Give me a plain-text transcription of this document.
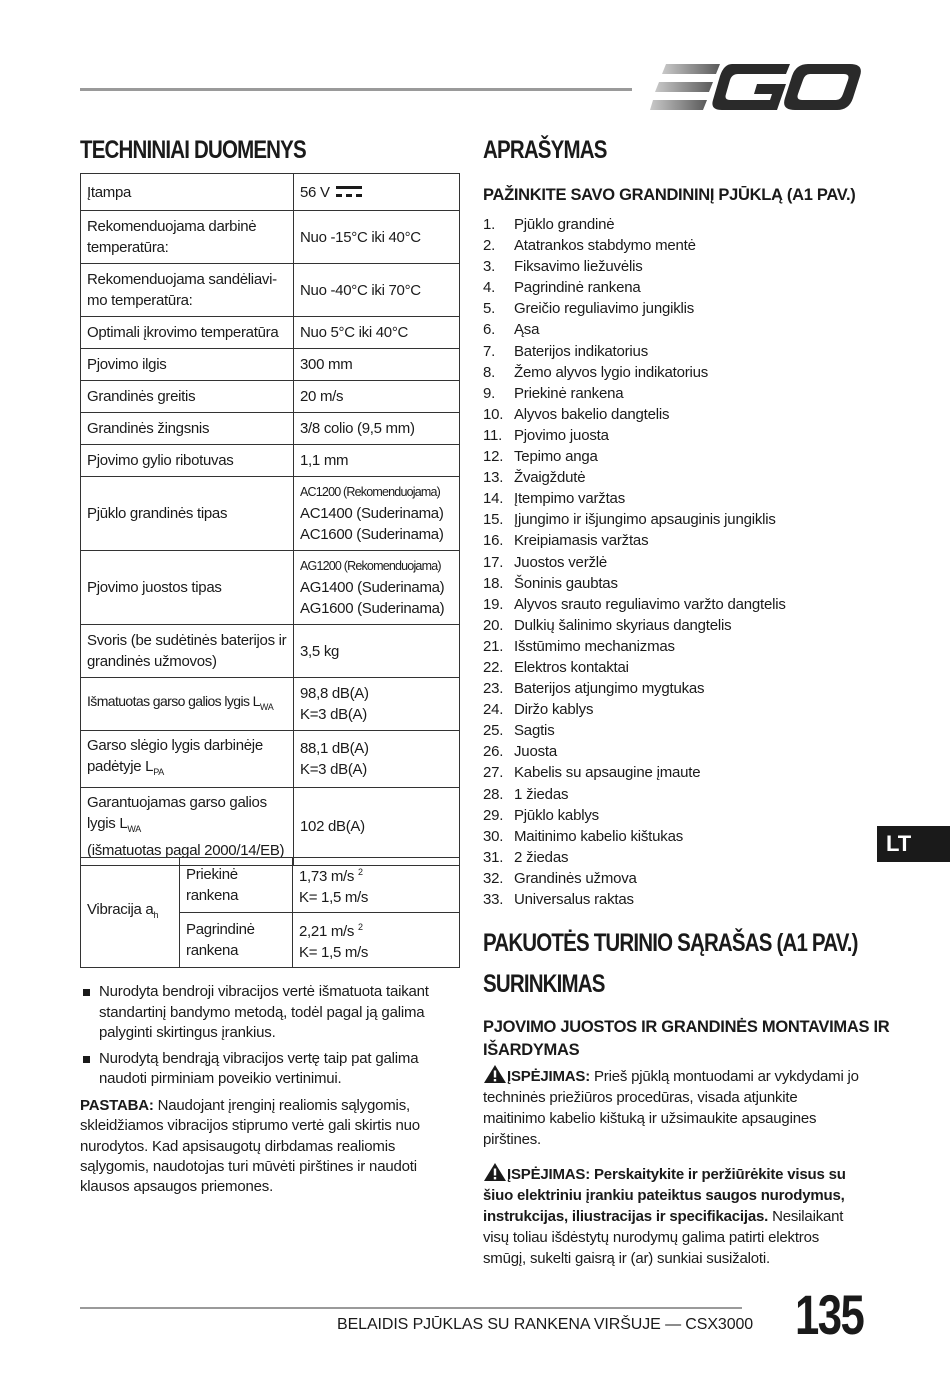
TECHNINIAI DUOMENYS
Įtampa	56 V
Rekomenduojama darbinė temperatūra:	Nuo -15°C iki 40°C
Rekomenduojama sandėliavi-mo temperatūra:	Nuo -40°C iki 70°C
Optimali įkrovimo temperatūra	Nuo 5°C iki 40°C
Pjovimo ilgis	300 mm
Grandinės greitis	20 m/s
Grandinės žingsnis	3/8 colio (9,5 mm)
Pjovimo gylio ribotuvas	1,1 mm
Pjūklo grandinės tipas	AC1200 (Rekomenduojama)
AC1400 (Suderinama)
AC1600 (Suderinama)

Pjovimo juostos tipas	AG1200 (Rekomenduojama)
AG1400 (Suderinama)
AG1600 (Suderinama)

Svoris (be sudėtinės baterijos ir grandinės užmovos)	3,5 kg
Išmatuotas garso galios lygis $L_{WA}$	98,8 dB(A)
K=3 dB(A)

Garso slėgio lygis darbinėje padėtyje $L_{PA}$	88,1 dB(A)
K=3 dB(A)

Garantuojamas garso galios
lygis $L_{WA}$
(išmatuotas pagal 2000/14/EB)	102 dB(A)
Vibracija $a_h$	Priekinė rankena	1,73 m/s $^2$
K= 1,5 m/s

	Pagrindinė rankena	2,21 m/s $^2$
K= 1,5 m/s
Nurodyta bendroji vibracijos vertė išmatuota taikant standartinį bandymo metodą, todėl pagal ją galima palyginti skirtingus įrankius.
Nurodytą bendrąją vibracijos vertę taip pat galima naudoti pirminiam poveikio vertinimui.
PASTABA: Naudojant įrenginį realiomis sąlygomis, skleidžiamos vibracijos stiprumo vertė gali skirtis nuo nurodytos. Kad apsisaugotų dirbdamas realiomis sąlygomis, naudotojas turi mūvėti pirštines ir naudoti klausos apsaugos priemones.
APRAŠYMAS
PAŽINKITE SAVO GRANDININĮ PJŪKLĄ (A1 PAV.)
1.	Pjūklo grandinė
2.	Atatrankos stabdymo mentė
3.	Fiksavimo liežuvėlis
4.	Pagrindinė rankena
5.	Greičio reguliavimo jungiklis
6.	Ąsa
7.	Baterijos indikatorius
8.	Žemo alyvos lygio indikatorius
9.	Priekinė rankena
10. Alyvos bakelio dangtelis
11. Pjovimo juosta
12. Tepimo anga
13. Žvaigždutė
14. Įtempimo varžtas
15. Įjungimo ir išjungimo apsauginis jungiklis
16. Kreipiamasis varžtas
17. Juostos veržlė
18. Šoninis gaubtas
19. Alyvos srauto reguliavimo varžto dangtelis
20. Dulkių šalinimo skyriaus dangtelis
21. Išstūmimo mechanizmas
22. Elektros kontaktai
23. Baterijos atjungimo mygtukas
24. Diržo kablys
25. Sagtis
26. Juosta
27. Kabelis su apsaugine įmaute
28. 1 žiedas
29. Pjūklo kablys
30. Maitinimo kabelio kištukas
31. 2 žiedas
32. Grandinės užmova
33. Universalus raktas
PAKUOTĖS TURINIO SĄRAŠAS (A1 PAV.)
SURINKIMAS
PJOVIMO JUOSTOS IR GRANDINĖS MONTAVIMAS IR
IŠARDYMAS
ĮSPĖJIMAS: Prieš pjūklą montuodami ar vykdydami jo techninės priežiūros procedūras, visada atjunkite maitinimo kabelio kištuką ir užsimaukite apsaugines pirštines.
ĮSPĖJIMAS: Perskaitykite ir peržiūrėkite visus su šiuo elektriniu įrankiu pateiktus saugos nurodymus, instrukcijas, iliustracijas ir specifikacijas. Nesilaikant visų toliau išdėstytų nurodymų galima patirti elektros smūgį, sukelti gaisrą ir (ar) sunkiai susižaloti.
LT
BELAIDIS PJŪKLAS SU RANKENA VIRŠUJE — CSX3000 135
